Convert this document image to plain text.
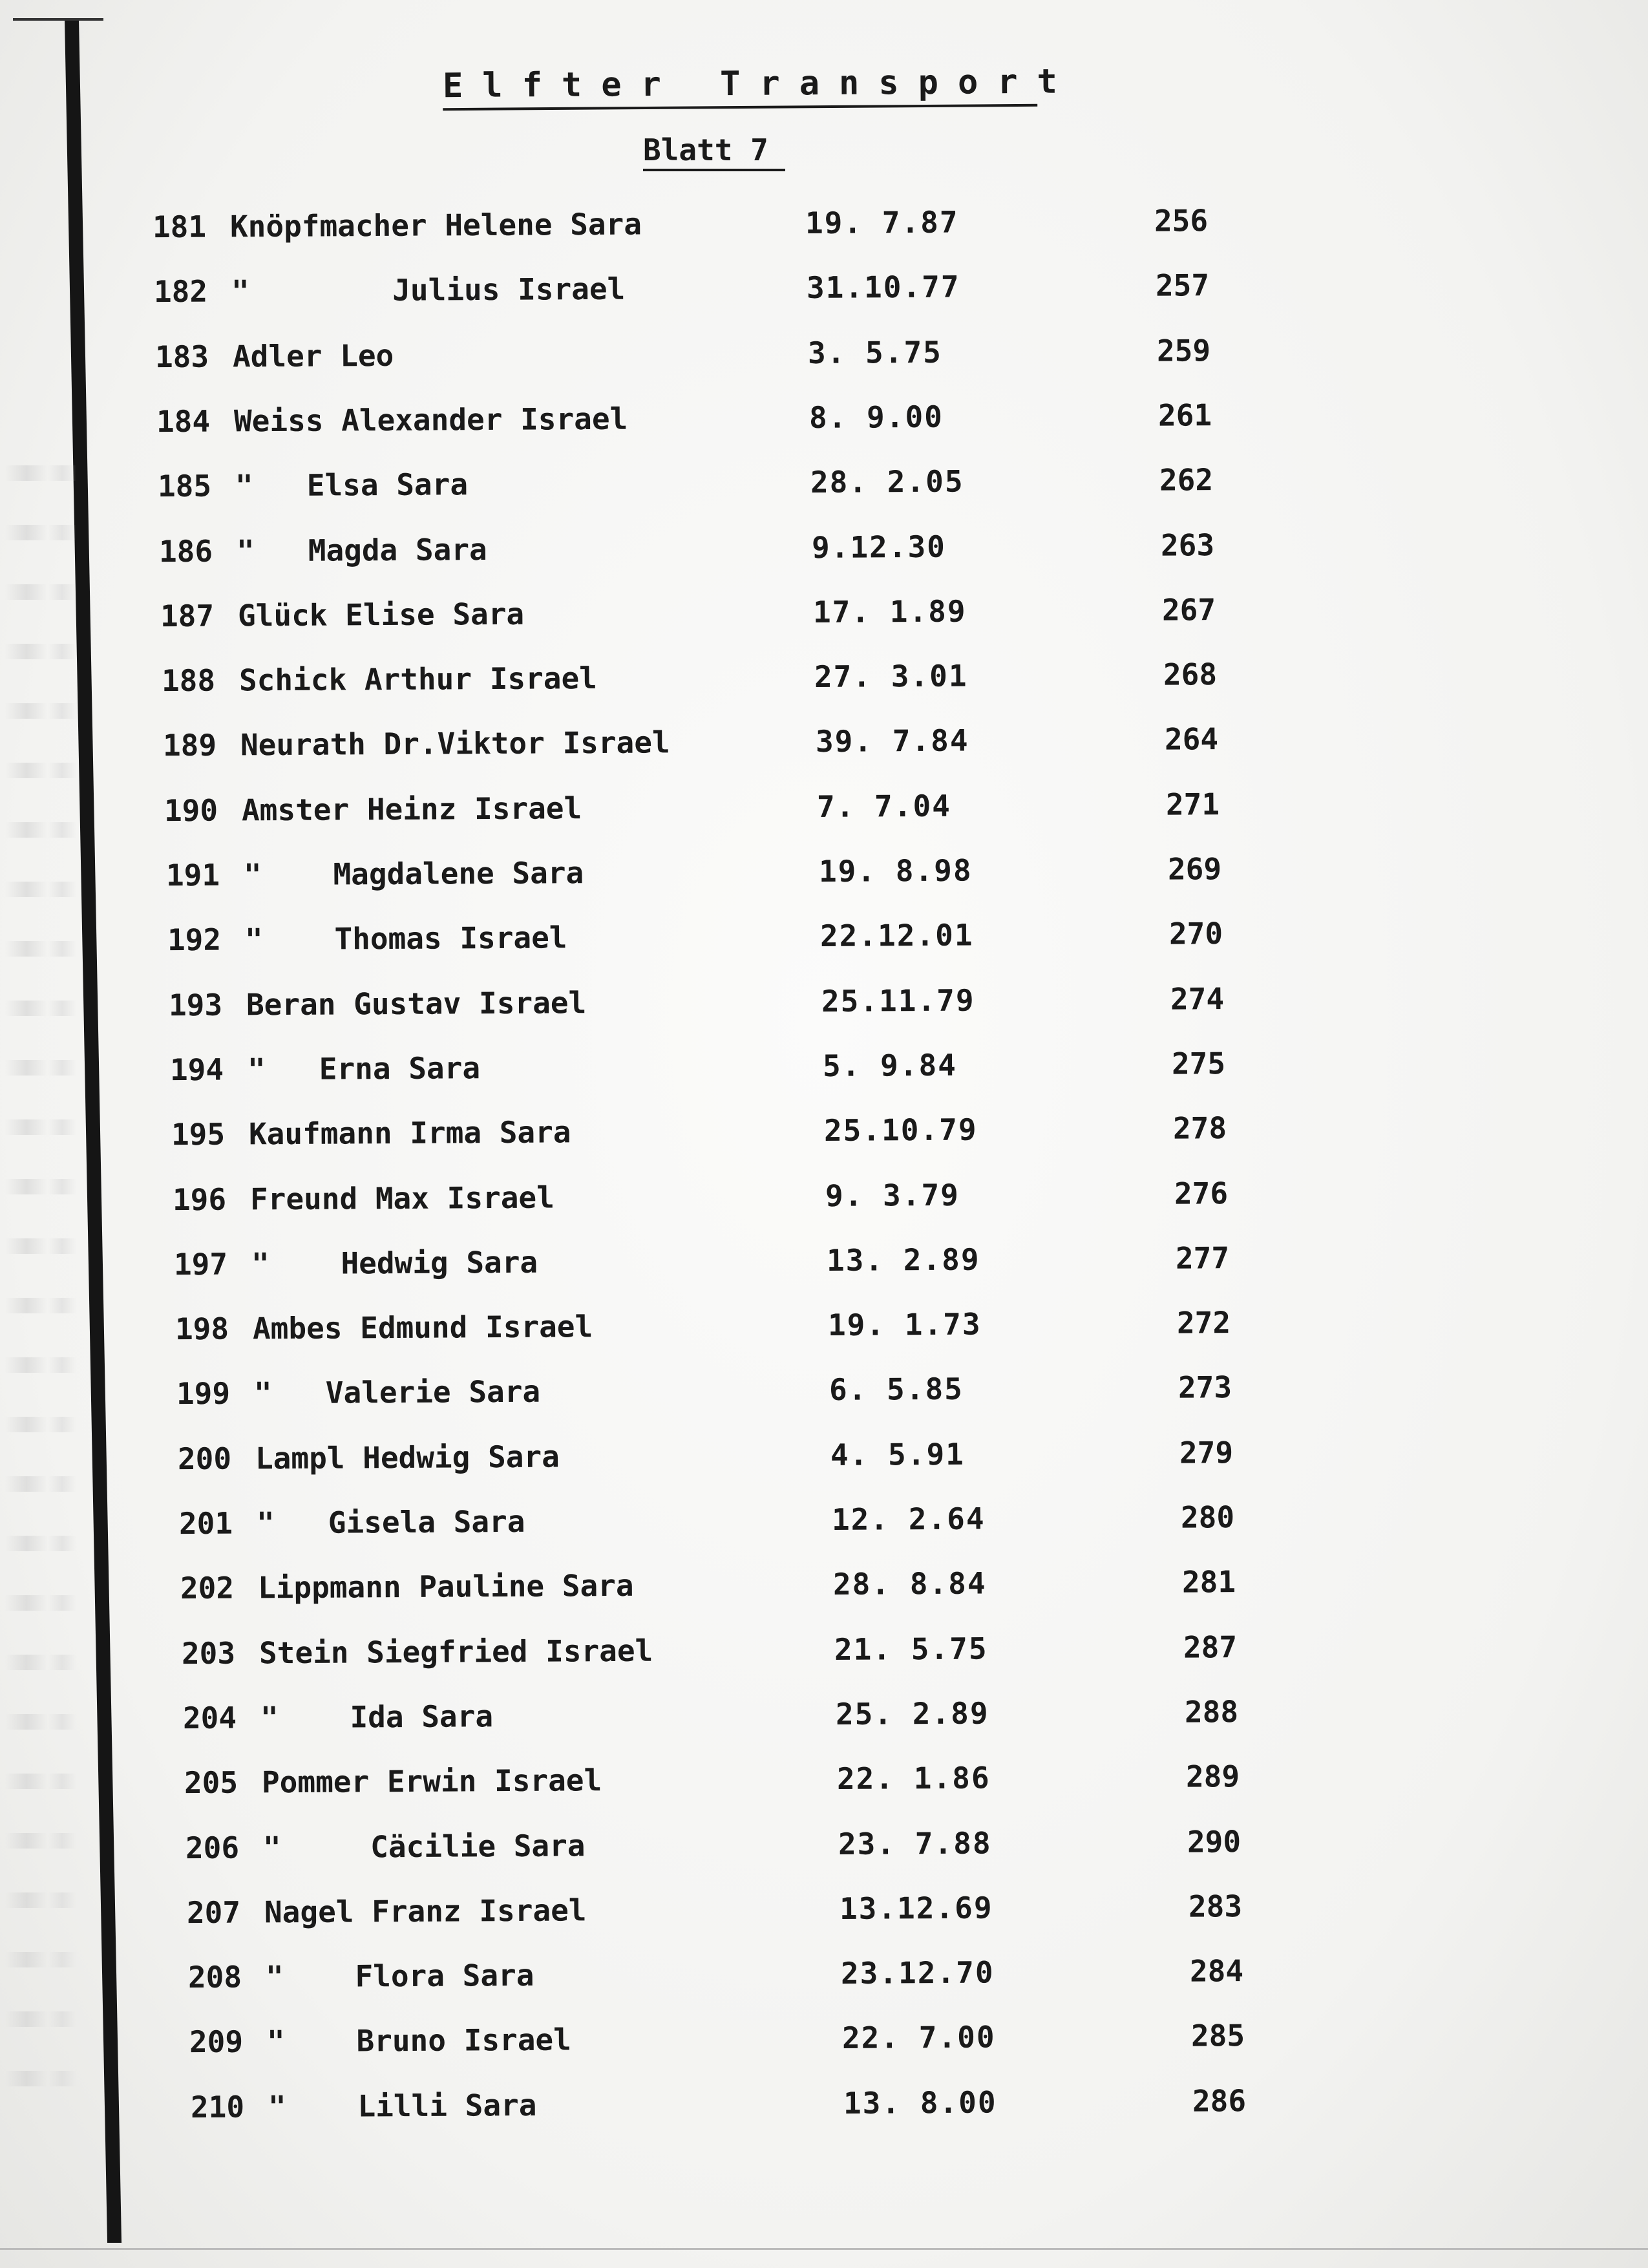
Elfter Transport
Blatt 7
181 Knöpfmacher Helene Sara	19. 7.87	256
182 "        Julius Israel	31.10.77	257
183 Adler Leo	3. 5.75	259
184 Weiss Alexander Israel	8. 9.00	261
185 "   Elsa Sara	28. 2.05	262
186 "   Magda Sara	9.12.30	263
187 Glück Elise Sara	17. 1.89	267
188 Schick Arthur Israel	27. 3.01	268
189 Neurath Dr.Viktor Israel	39. 7.84	264
190 Amster Heinz Israel	7. 7.04	271
191 "    Magdalene Sara	19. 8.98	269
192 "    Thomas Israel	22.12.01	270
193 Beran Gustav Israel	25.11.79	274
194 "   Erna Sara	5. 9.84	275
195 Kaufmann Irma Sara	25.10.79	278
196 Freund Max Israel	9. 3.79	276
197 "    Hedwig Sara	13. 2.89	277
198 Ambes Edmund Israel	19. 1.73	272
199 "   Valerie Sara	6. 5.85	273
200 Lampl Hedwig Sara	4. 5.91	279
201 "   Gisela Sara	12. 2.64	280
202 Lippmann Pauline Sara	28. 8.84	281
203 Stein Siegfried Israel	21. 5.75	287
204 "    Ida Sara	25. 2.89	288
205 Pommer Erwin Israel	22. 1.86	289
206 "     Cäcilie Sara	23. 7.88	290
207 Nagel Franz Israel	13.12.69	283
208 "    Flora Sara	23.12.70	284
209 "    Bruno Israel	22. 7.00	285
210 "    Lilli Sara	13. 8.00	286
